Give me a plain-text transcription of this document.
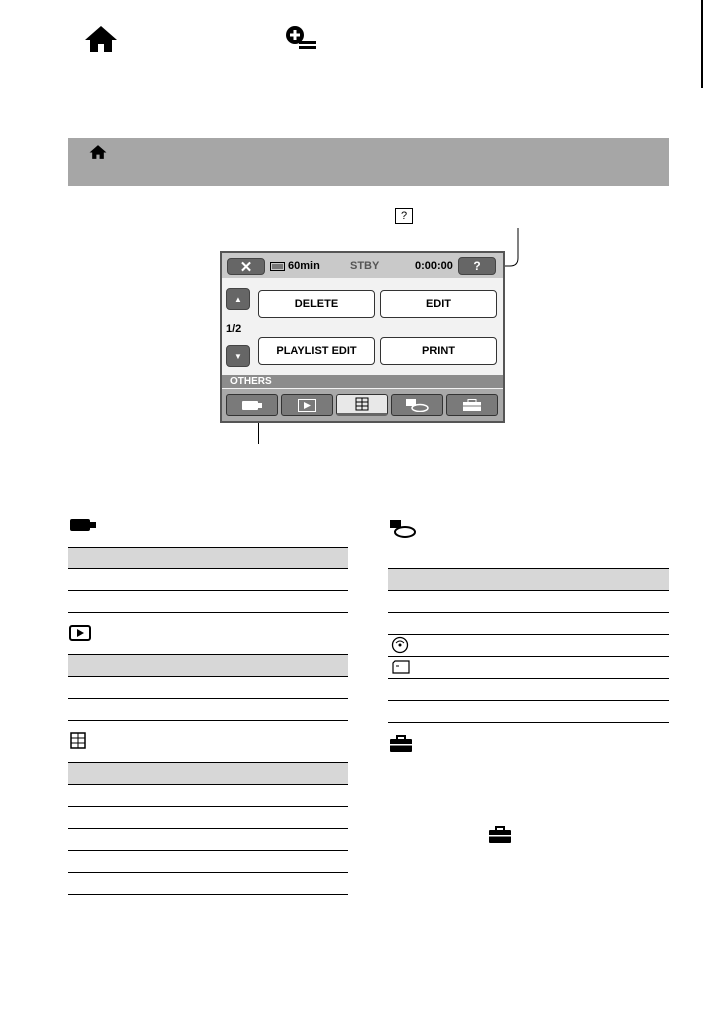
?
✕	60min	STBY	0:00:00 ?
▲
1/2
▼
DELETE	EDIT
PLAYLIST EDIT	PRINT
OTHERS
